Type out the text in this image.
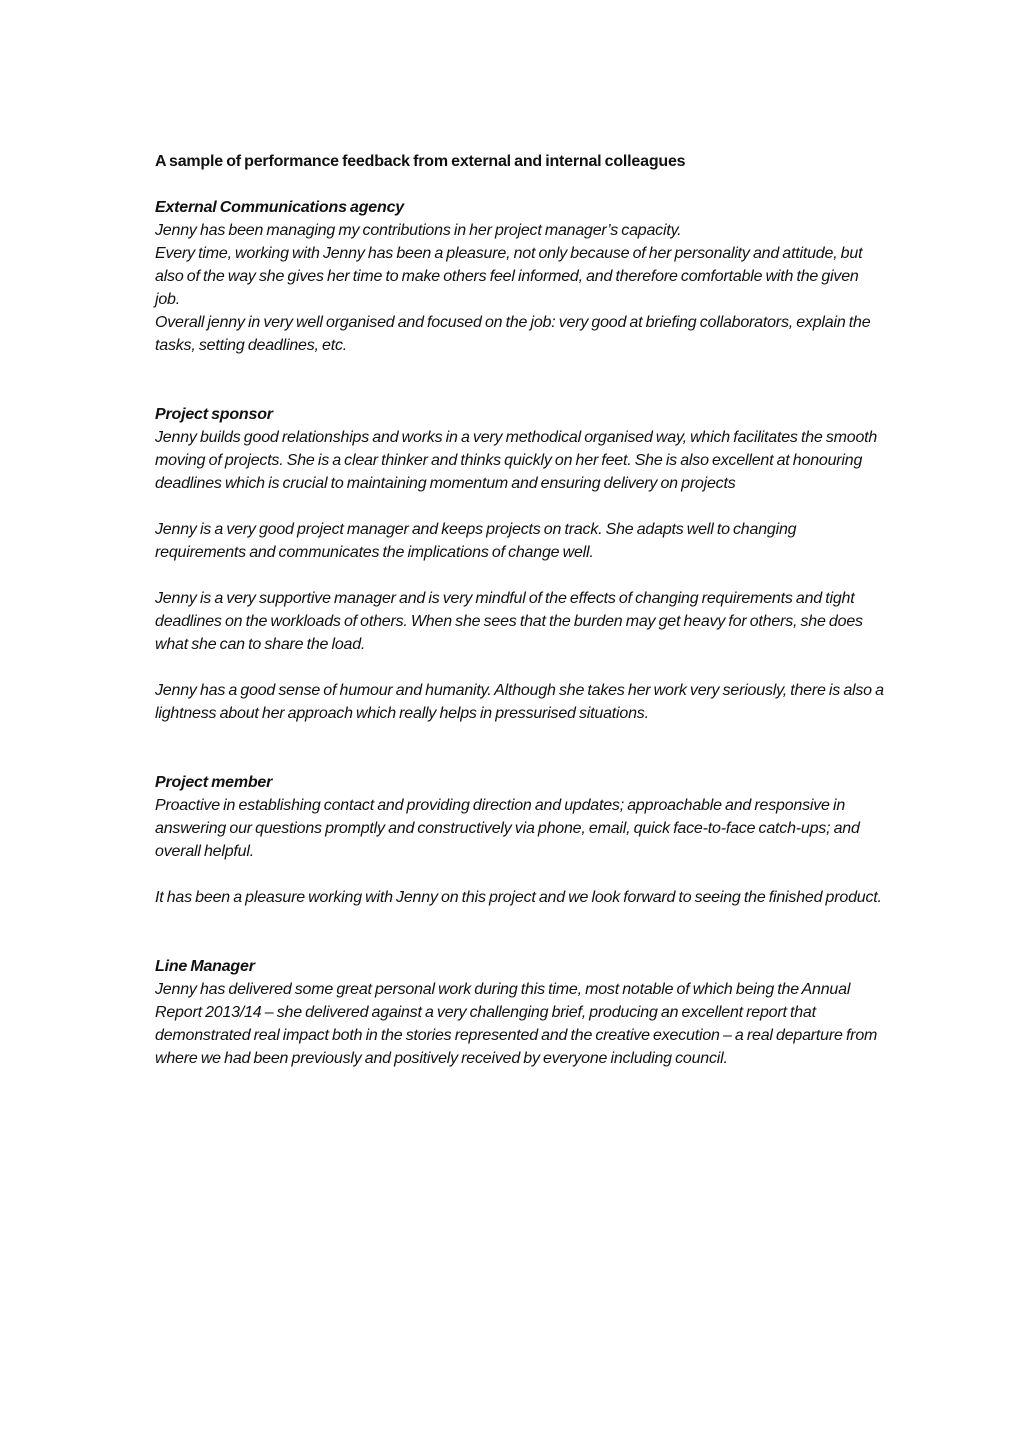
A sample of performance feedback from external and internal colleagues

External Communications agency

Jenny has been managing my contributions in her project manager’s capacity.

Every time, working with Jenny has been a pleasure, not only because of her personality and attitude, but also of the way she gives her time to make others feel informed, and therefore comfortable with the given job.

Overall jenny in very well organised and focused on the job: very good at briefing collaborators, explain the tasks, setting deadlines, etc.

Project sponsor

Jenny builds good relationships and works in a very methodical organised way, which facilitates the smooth moving of projects. She is a clear thinker and thinks quickly on her feet. She is also excellent at honouring deadlines which is crucial to maintaining momentum and ensuring delivery on projects

Jenny is a very good project manager and keeps projects on track. She adapts well to changing requirements and communicates the implications of change well.

Jenny is a very supportive manager and is very mindful of the effects of changing requirements and tight deadlines on the workloads of others. When she sees that the burden may get heavy for others, she does what she can to share the load.

Jenny has a good sense of humour and humanity. Although she takes her work very seriously, there is also a lightness about her approach which really helps in pressurised situations.

Project member

Proactive in establishing contact and providing direction and updates; approachable and responsive in answering our questions promptly and constructively via phone, email, quick face-to-face catch-ups; and overall helpful.

It has been a pleasure working with Jenny on this project and we look forward to seeing the finished product.

Line Manager

Jenny has delivered some great personal work during this time, most notable of which being the Annual Report 2013/14 – she delivered against a very challenging brief, producing an excellent report that demonstrated real impact both in the stories represented and the creative execution – a real departure from where we had been previously and positively received by everyone including council.
